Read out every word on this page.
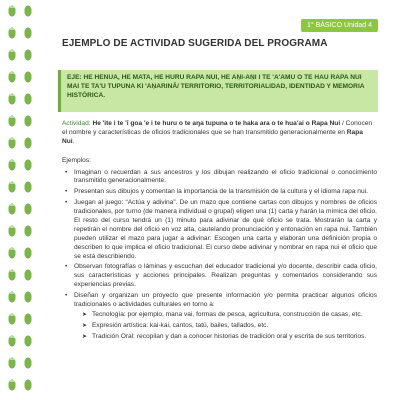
1° BÁSICO Unidad 4
EJEMPLO DE ACTIVIDAD SUGERIDA DEL PROGRAMA
EJE: HE HENUA, HE MATA, HE HURU RAPA NUI, HE AṆI-AṆI I TE 'A'AMU O TE HAU RAPA NUI MAI TE TA'U TUPUNA KI 'AṆARINĀ/ TERRITORIO, TERRITORIALIDAD, IDENTIDAD Y MEMORIA HISTÓRICA.

Actividad: He 'ite i te 'ī goa 'e i te huru o te aŋa tupuna o te haka ara o te hua'ai o Rapa Nui / Conocen el nombre y características de oficios tradicionales que se han transmitido generacionalmente en Rapa Nui.

Ejemplos:

• Imaginan o recuerdan a sus ancestros y los dibujan realizando el oficio tradicional o conocimiento transmitido generacionalmente.
• Presentan sus dibujos y comentan la importancia de la transmisión de la cultura y el idioma rapa nui.
• Juegan al juego: “Actúa y adivina”. De un mazo que contiene cartas con dibujos y nombres de oficios tradicionales, por turno (de manera individual o grupal) eligen una (1) carta y harán la mímica del oficio. El resto del curso tendrá un (1) minuto para adivinar de qué oficio se trata. Mostrarán la carta y repetirán el nombre del oficio en voz alta, cautelando pronunciación y entonación en rapa nui. También pueden utilizar el mazo para jugar a adivinar: Escogen una carta y elaboran una definición propia o describen lo que implica el oficio tradicional. El curso debe adivinar y nombrar en rapa nui el oficio que se está describiendo.
• Observan fotografías o láminas y escuchan del educador tradicional y/o docente, describir cada oficio, sus características y acciones principales. Realizan preguntas y comentarios considerando sus experiencias previas.
• Diseñan y organizan un proyecto que presente información y/o permita practicar algunos oficios tradicionales o actividades culturales en torno a:
➤ Tecnología: por ejemplo, mana vai, formas de pesca, agricultura, construcción de casas, etc.
➤ Expresión artística: kai-kai, cantos, tatū, bailes, tallados, etc.
➤ Tradición Oral: recopilan y dan a conocer historias de tradición oral y escrita de sus territorios.
